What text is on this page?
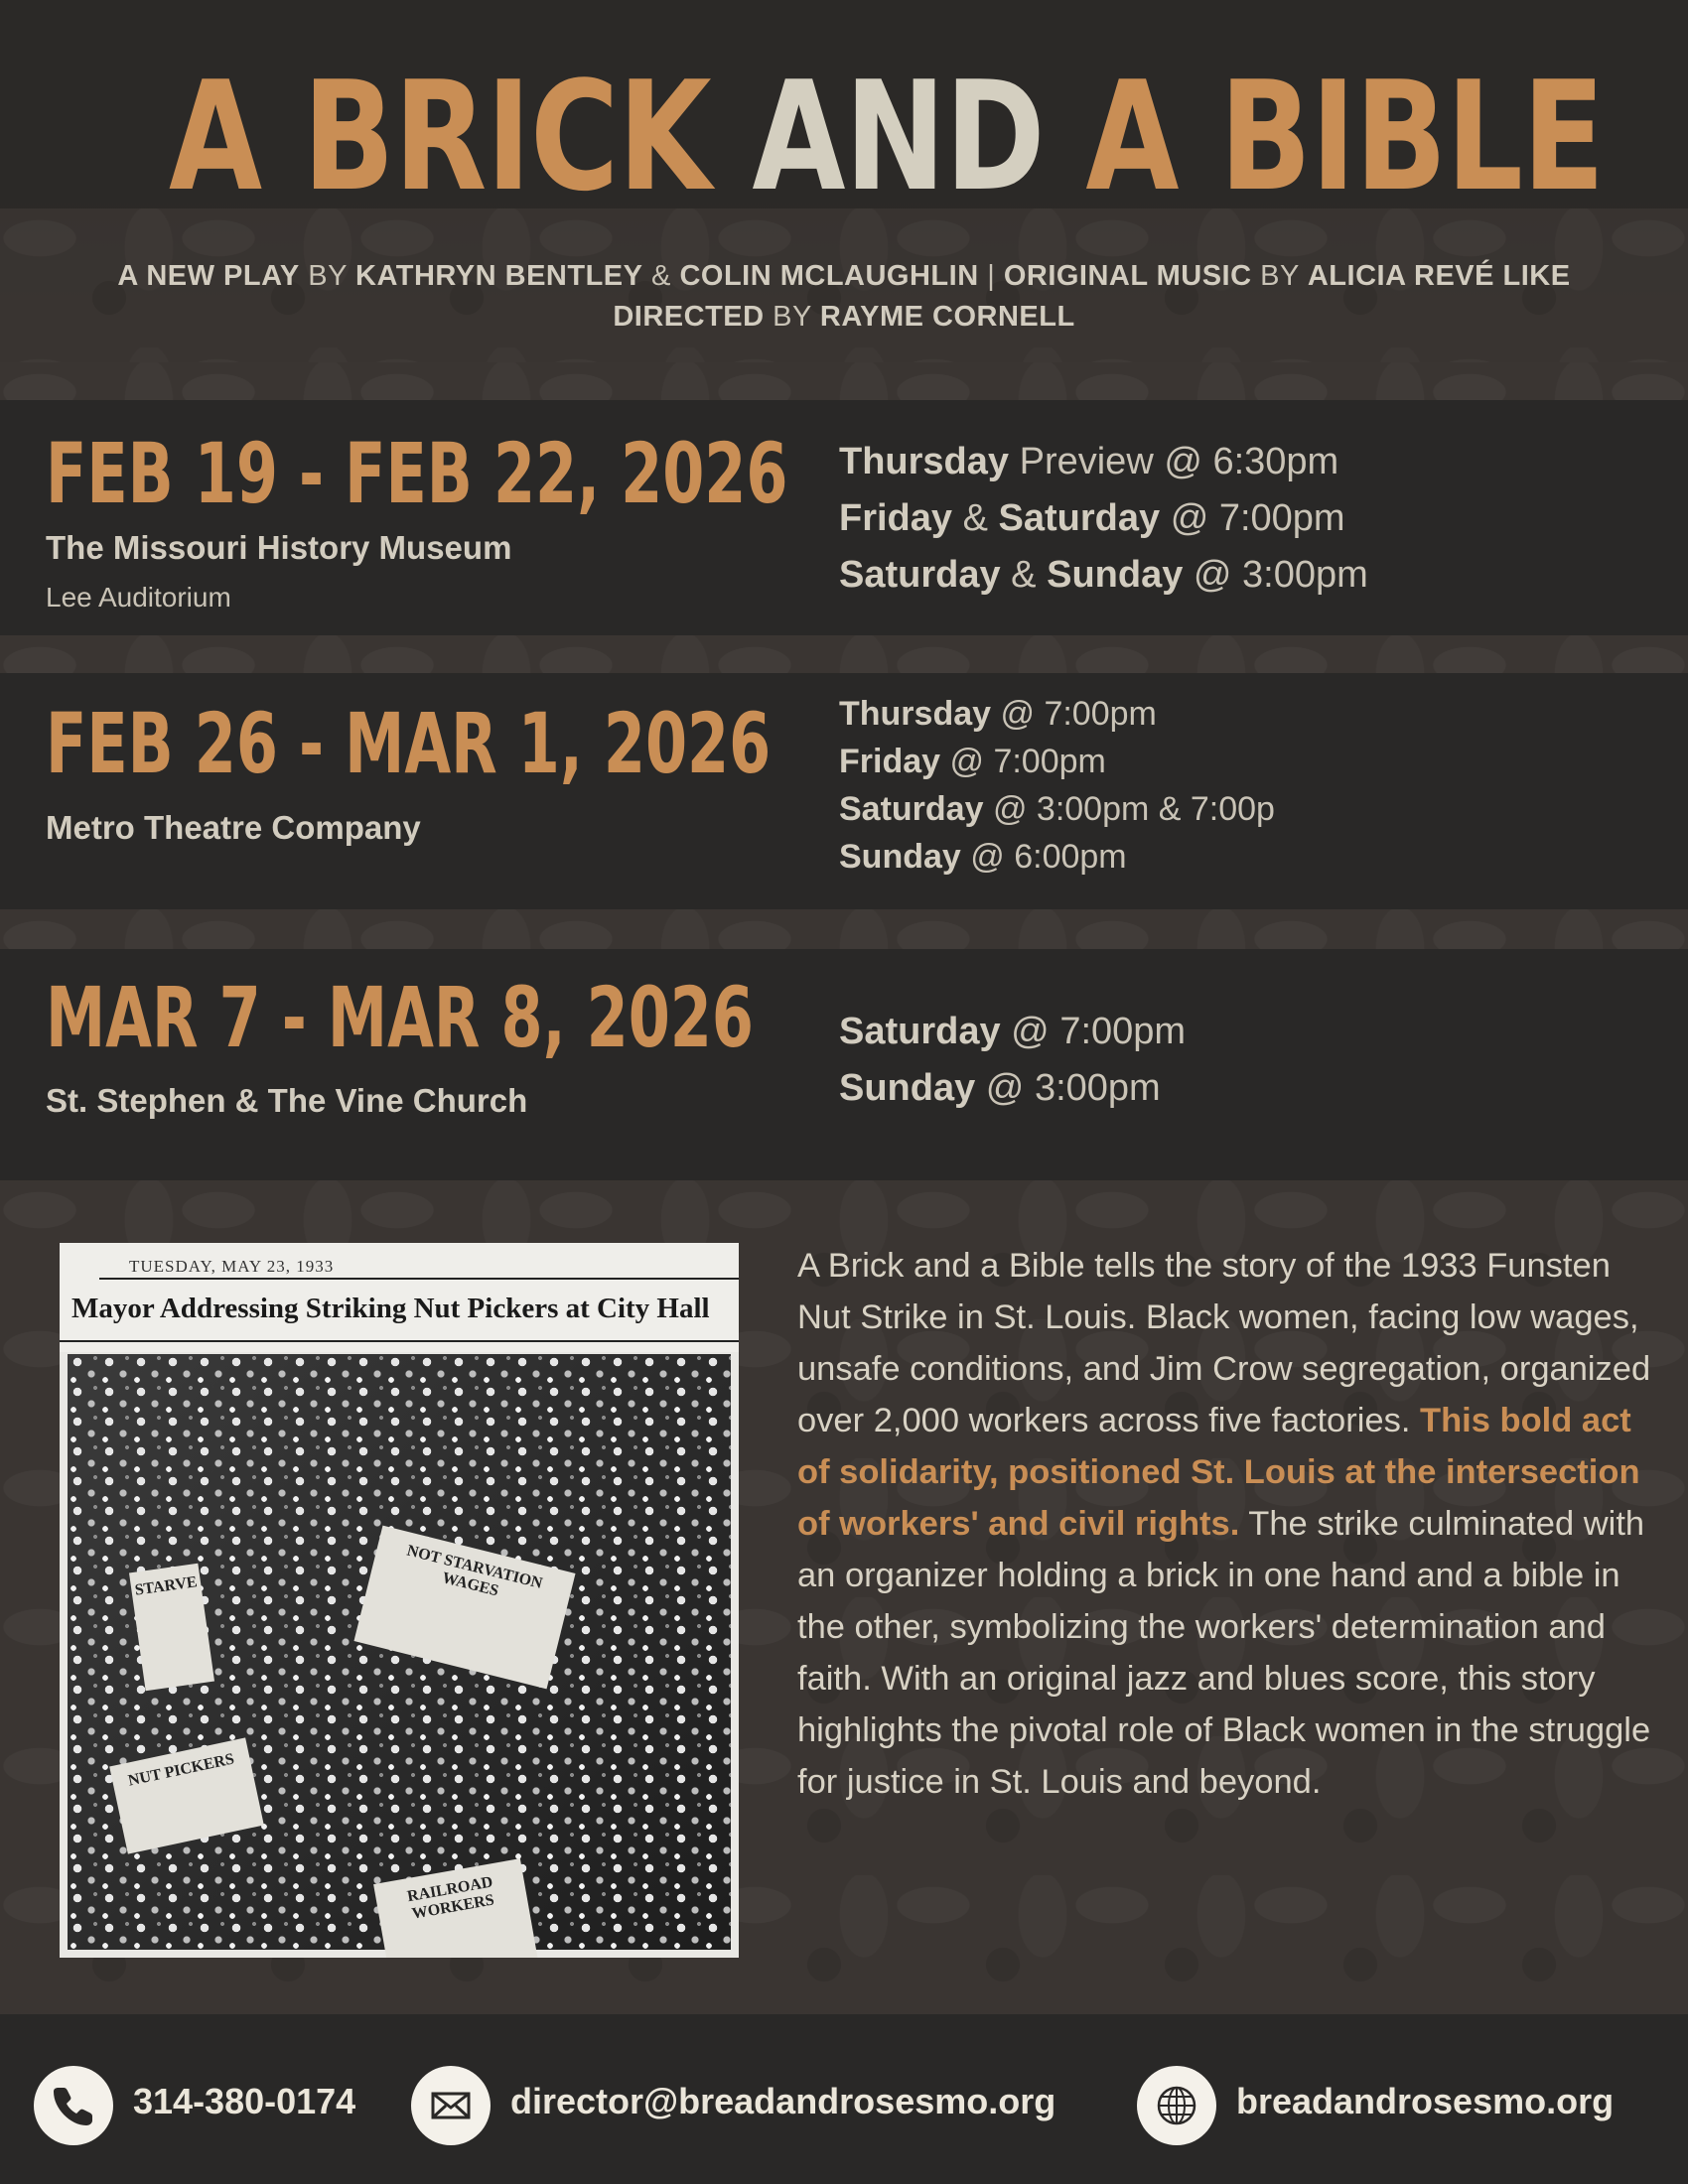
A BRICK AND A BIBLE
A NEW PLAY BY KATHRYN BENTLEY & COLIN MCLAUGHLIN | ORIGINAL MUSIC BY ALICIA REVÉ LIKE
DIRECTED BY RAYME CORNELL
FEB 19 - FEB 22, 2026
The Missouri History Museum
Lee Auditorium
Thursday Preview @ 6:30pm
Friday & Saturday @ 7:00pm
Saturday & Sunday @ 3:00pm
FEB 26 - MAR 1, 2026
Metro Theatre Company
Thursday @ 7:00pm
Friday @ 7:00pm
Saturday @ 3:00pm & 7:00p
Sunday @ 6:00pm
MAR 7 - MAR 8, 2026
St. Stephen & The Vine Church
Saturday @ 7:00pm
Sunday @ 3:00pm
TUESDAY, MAY 23, 1933
Mayor Addressing Striking Nut Pickers at City Hall
STARVE	NOT STARVATION WAGES
NUT PICKERS
RAILROAD WORKERS
A Brick and a Bible tells the story of the 1933 Funsten Nut Strike in St. Louis. Black women, facing low wages, unsafe conditions, and Jim Crow segregation, organized over 2,000 workers across five factories. This bold act of solidarity, positioned St. Louis at the intersection of workers' and civil rights. The strike culminated with an organizer holding a brick in one hand and a bible in the other, symbolizing the workers' determination and faith. With an original jazz and blues score, this story highlights the pivotal role of Black women in the struggle for justice in St. Louis and beyond.
314-380-0174	director@breadandrosesmo.org	breadandrosesmo.org
